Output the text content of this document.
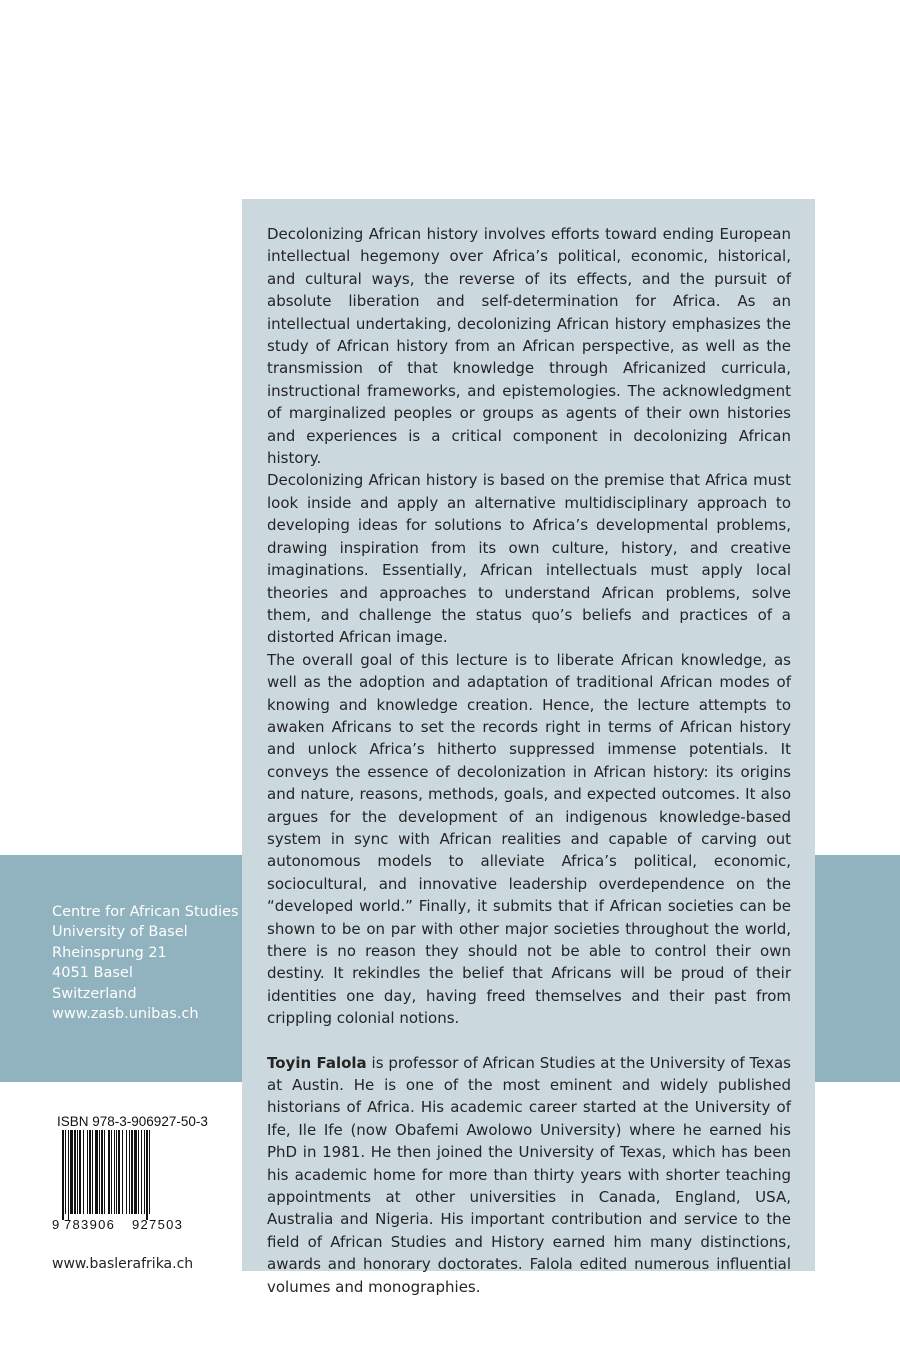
Decolonizing African history involves efforts toward ending European intellectual hegemony over Africa’s political, economic, historical, and cultural ways, the reverse of its effects, and the pursuit of absolute liberation and self-determination for Africa. As an intellectual undertaking, decolonizing African history emphasizes the study of African history from an African perspective, as well as the transmission of that knowledge through Africanized curricula, instructional frameworks, and epistemologies. The acknowledgment of marginalized peoples or groups as agents of their own histories and experiences is a critical component in decolonizing African history.

Decolonizing African history is based on the premise that Africa must look inside and apply an alternative multidisciplinary approach to developing ideas for solutions to Africa’s developmental problems, drawing inspiration from its own culture, history, and creative imaginations. Essentially, African intellectuals must apply local theories and approaches to understand African problems, solve them, and challenge the status quo’s beliefs and practices of a distorted African image.

The overall goal of this lecture is to liberate African knowledge, as well as the adoption and adaptation of traditional African modes of knowing and knowledge creation. Hence, the lecture attempts to awaken Africans to set the records right in terms of African history and unlock Africa’s hitherto suppressed immense potentials. It conveys the essence of decolonization in African history: its origins and nature, reasons, methods, goals, and expected outcomes. It also argues for the development of an indigenous knowledge-based system in sync with African realities and capable of carving out autonomous models to alleviate Africa’s political, economic, sociocultural, and innovative leadership overdependence on the “developed world.” Finally, it submits that if African societies can be shown to be on par with other major societies throughout the world, there is no reason they should not be able to control their own destiny. It rekindles the belief that Africans will be proud of their identities one day, having freed themselves and their past from crippling colonial notions.

Toyin Falola is professor of African Studies at the University of Texas at Austin. He is one of the most eminent and widely published historians of Africa. His academic career started at the University of Ife, Ile Ife (now Obafemi Awolowo University) where he earned his PhD in 1981. He then joined the University of Texas, which has been his academic home for more than thirty years with shorter teaching appointments at other universities in Canada, England, USA, Australia and Nigeria. His important contribution and service to the field of African Studies and History earned him many distinctions, awards and honorary doctorates. Falola edited numerous influential volumes and monographies.

Centre for African Studies
University of Basel
Rheinsprung 21
4051 Basel
Switzerland
www.zasb.unibas.ch
ISBN 978-3-906927-50-3
9 783906 927503
www.baslerafrika.ch
